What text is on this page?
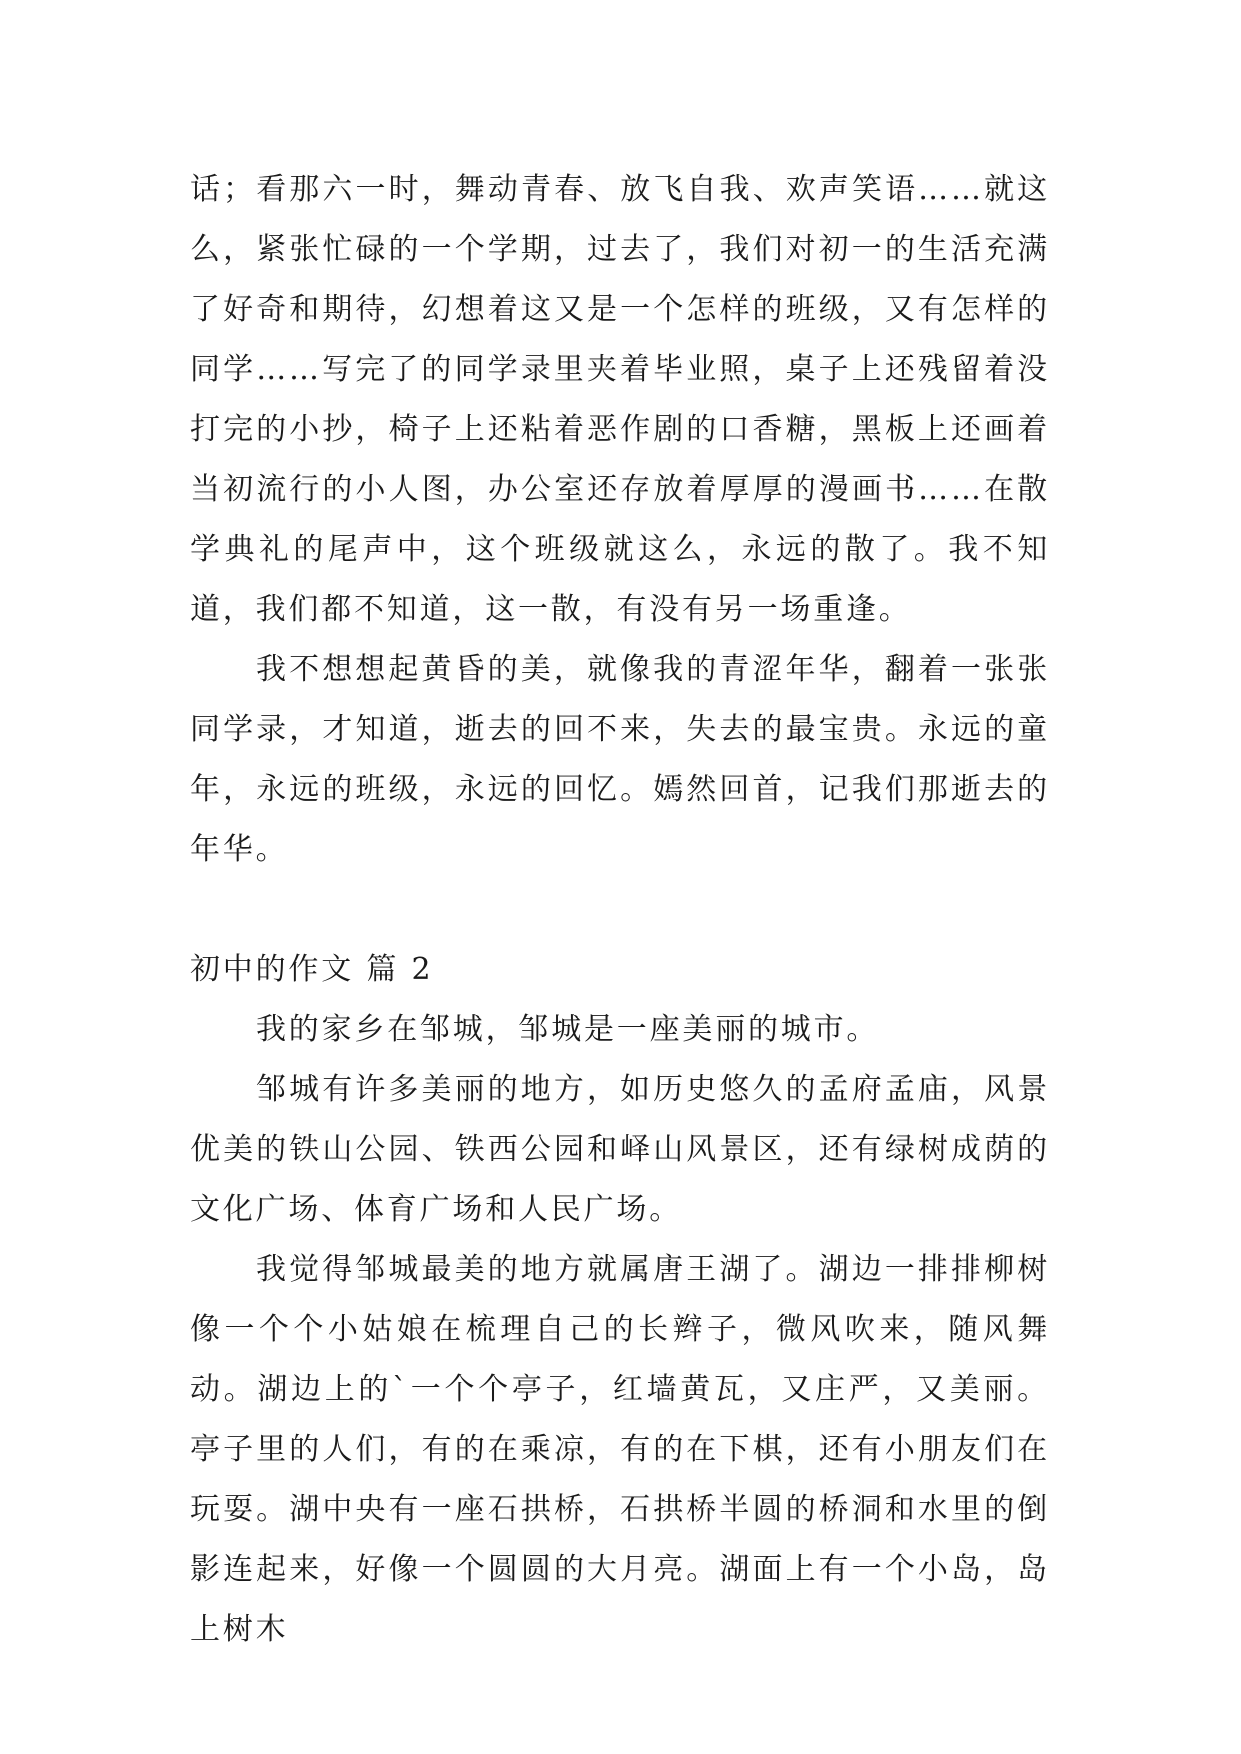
话；看那六一时，舞动青春、放飞自我、欢声笑语……就这么，紧张忙碌的一个学期，过去了，我们对初一的生活充满了好奇和期待，幻想着这又是一个怎样的班级，又有怎样的同学……写完了的同学录里夹着毕业照，桌子上还残留着没打完的小抄，椅子上还粘着恶作剧的口香糖，黑板上还画着当初流行的小人图，办公室还存放着厚厚的漫画书……在散学典礼的尾声中，这个班级就这么，永远的散了。我不知道，我们都不知道，这一散，有没有另一场重逢。

我不想想起黄昏的美，就像我的青涩年华，翻着一张张同学录，才知道，逝去的回不来，失去的最宝贵。永远的童年，永远的班级，永远的回忆。嫣然回首，记我们那逝去的年华。

初中的作文 篇 2

我的家乡在邹城，邹城是一座美丽的城市。

邹城有许多美丽的地方，如历史悠久的孟府孟庙，风景优美的铁山公园、铁西公园和峄山风景区，还有绿树成荫的文化广场、体育广场和人民广场。

我觉得邹城最美的地方就属唐王湖了。湖边一排排柳树像一个个小姑娘在梳理自己的长辫子，微风吹来，随风舞动。湖边上的`一个个亭子，红墙黄瓦，又庄严，又美丽。亭子里的人们，有的在乘凉，有的在下棋，还有小朋友们在玩耍。湖中央有一座石拱桥，石拱桥半圆的桥洞和水里的倒影连起来，好像一个圆圆的大月亮。湖面上有一个小岛，岛上树木
